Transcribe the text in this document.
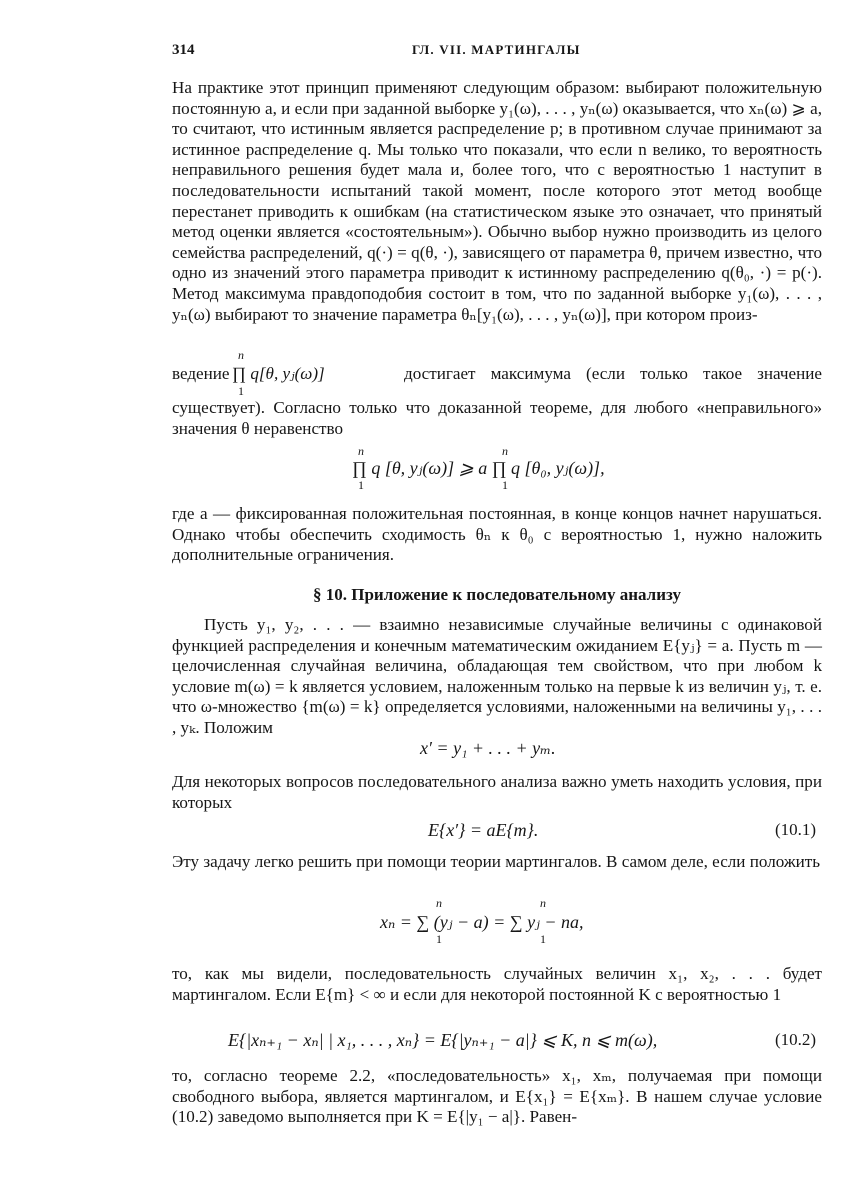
314	ГЛ. VII. МАРТИНГАЛЫ

На практике этот принцип применяют следующим образом: выбирают положительную постоянную a, и если при заданной выборке y₁(ω), . . . , yₙ(ω) оказывается, что xₙ(ω) ⩾ a, то считают, что истинным является распределение p; в противном случае принимают за истинное распределение q. Мы только что показали, что если n велико, то вероятность неправильного решения будет мала и, более того, что с вероятностью 1 наступит в последовательности испытаний такой момент, после которого этот метод вообще перестанет приводить к ошибкам (на статистическом языке это означает, что принятый метод оценки является «состоятельным»). Обычно выбор нужно производить из целого семейства распределений, q(·) = q(θ, ·), зависящего от параметра θ, причем известно, что одно из значений этого параметра приводит к истинному распределению q(θ₀, ·) = p(·). Метод максимума правдоподобия состоит в том, что по заданной выборке y₁(ω), . . . , yₙ(ω) выбирают то значение параметра θₙ[y₁(ω), . . . , yₙ(ω)], при котором произ-

ведение
n
1
∏ q[θ, yⱼ(ω)]	достигает максимума (если только такое значение

существует). Согласно только что доказанной теореме, для любого «неправильного» значения θ неравенство

n
1
n
1
∏ q [θ, yⱼ(ω)] ⩾ a ∏ q [θ₀, yⱼ(ω)],

где a — фиксированная положительная постоянная, в конце концов начнет нарушаться. Однако чтобы обеспечить сходимость θₙ к θ₀ с вероятностью 1, нужно наложить дополнительные ограничения.

§ 10. Приложение к последовательному анализу

Пусть y₁, y₂, . . . — взаимно независимые случайные величины с одинаковой функцией распределения и конечным математическим ожиданием E{yⱼ} = a. Пусть m — целочисленная случайная величина, обладающая тем свойством, что при любом k условие m(ω) = k является условием, наложенным только на первые k из величин yⱼ, т. е. что ω-множество {m(ω) = k} определяется условиями, наложенными на величины y₁, . . . , yₖ. Положим

x′ = y₁ + . . . + yₘ.

Для некоторых вопросов последовательного анализа важно уметь находить условия, при которых

E{x′} = aE{m}.	(10.1)

Эту задачу легко решить при помощи теории мартингалов. В самом деле, если положить

n
1
n
1
xₙ = ∑ (yⱼ − a) = ∑ yⱼ − na,

то, как мы видели, последовательность случайных величин x₁, x₂, . . . будет мартингалом. Если E{m} < ∞ и если для некоторой постоянной K с вероятностью 1

E{|xₙ₊₁ − xₙ| | x₁, . . . , xₙ} = E{|yₙ₊₁ − a|} ⩽ K, n ⩽ m(ω),	(10.2)

то, согласно теореме 2.2, «последовательность» x₁, xₘ, получаемая при помощи свободного выбора, является мартингалом, и E{x₁} = E{xₘ}. В нашем случае условие (10.2) заведомо выполняется при K = E{|y₁ − a|}. Равен-
